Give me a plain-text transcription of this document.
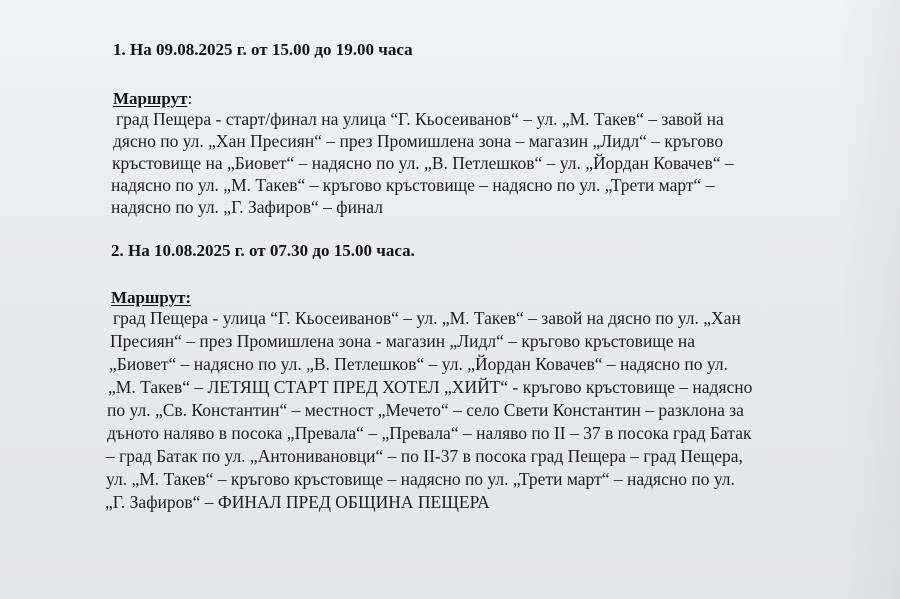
1. На 09.08.2025 г. от 15.00 до 19.00 часа
Маршрут:
град Пещера - старт/финал на улица “Г. Кьосеиванов“ – ул. „М. Такев“ – завой на
дясно по ул. „Хан Пресиян“ – през Промишлена зона – магазин „Лидл“ – кръгово
кръстовище на „Биовет“ – надясно по ул. „В. Петлешков“ – ул. „Йордан Ковачев“ –
надясно по ул. „М. Такев“ – кръгово кръстовище – надясно по ул. „Трети март“ –
надясно по ул. „Г. Зафиров“ – финал
2. На 10.08.2025 г. от 07.30 до 15.00 часа.
Маршрут:
град Пещера - улица “Г. Кьосеиванов“ – ул. „М. Такев“ – завой на дясно по ул. „Хан
Пресиян“ – през Промишлена зона - магазин „Лидл“ – кръгово кръстовище на
„Биовет“ – надясно по ул. „В. Петлешков“ – ул. „Йордан Ковачев“ – надясно по ул.
„М. Такев“ – ЛЕТЯЩ СТАРТ ПРЕД ХОТЕЛ „ХИЙТ“ - кръгово кръстовище – надясно
по ул. „Св. Константин“ – местност „Мечето“ – село Свети Константин – разклона за
дъното наляво в посока „Превала“ – „Превала“ – наляво по II – 37 в посока град Батак
– град Батак по ул. „Антонивановци“ – по II-37 в посока град Пещера – град Пещера,
ул. „М. Такев“ – кръгово кръстовище – надясно по ул. „Трети март“ – надясно по ул.
„Г. Зафиров“ – ФИНАЛ ПРЕД ОБЩИНА ПЕЩЕРА
